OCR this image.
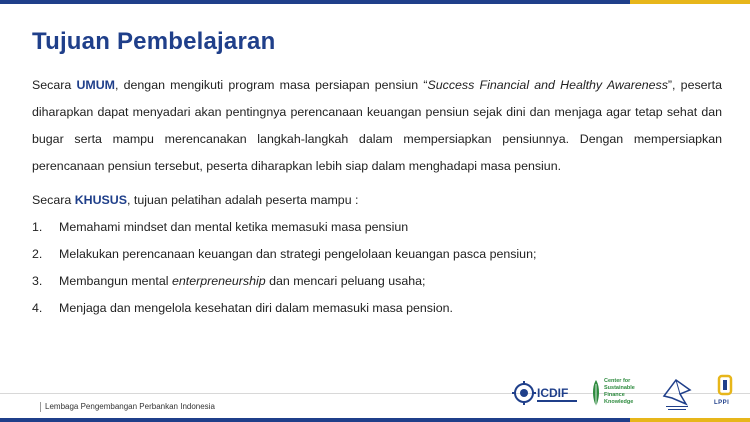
Tujuan Pembelajaran
Secara UMUM, dengan mengikuti program masa persiapan pensiun “Success Financial and Healthy Awareness”, peserta diharapkan dapat menyadari akan pentingnya perencanaan keuangan pensiun sejak dini dan menjaga agar tetap sehat dan bugar serta mampu merencanakan langkah-langkah dalam mempersiapkan pensiunnya. Dengan mempersiapkan perencanaan pensiun tersebut, peserta diharapkan lebih siap dalam menghadapi masa pensiun.
Secara KHUSUS, tujuan pelatihan adalah peserta mampu :
1.	Memahami mindset dan mental ketika memasuki masa pensiun
2.	Melakukan perencanaan keuangan dan strategi pengelolaan keuangan pasca pensiun;
3.	Membangun mental enterpreneurship dan mencari peluang usaha;
4.	Menjaga dan mengelola kesehatan diri dalam memasuki masa pension.
Lembaga Pengembangan Perbankan Indonesia
ICDIF
Center for
Sustainable
Finance
Knowledge	LPPI
